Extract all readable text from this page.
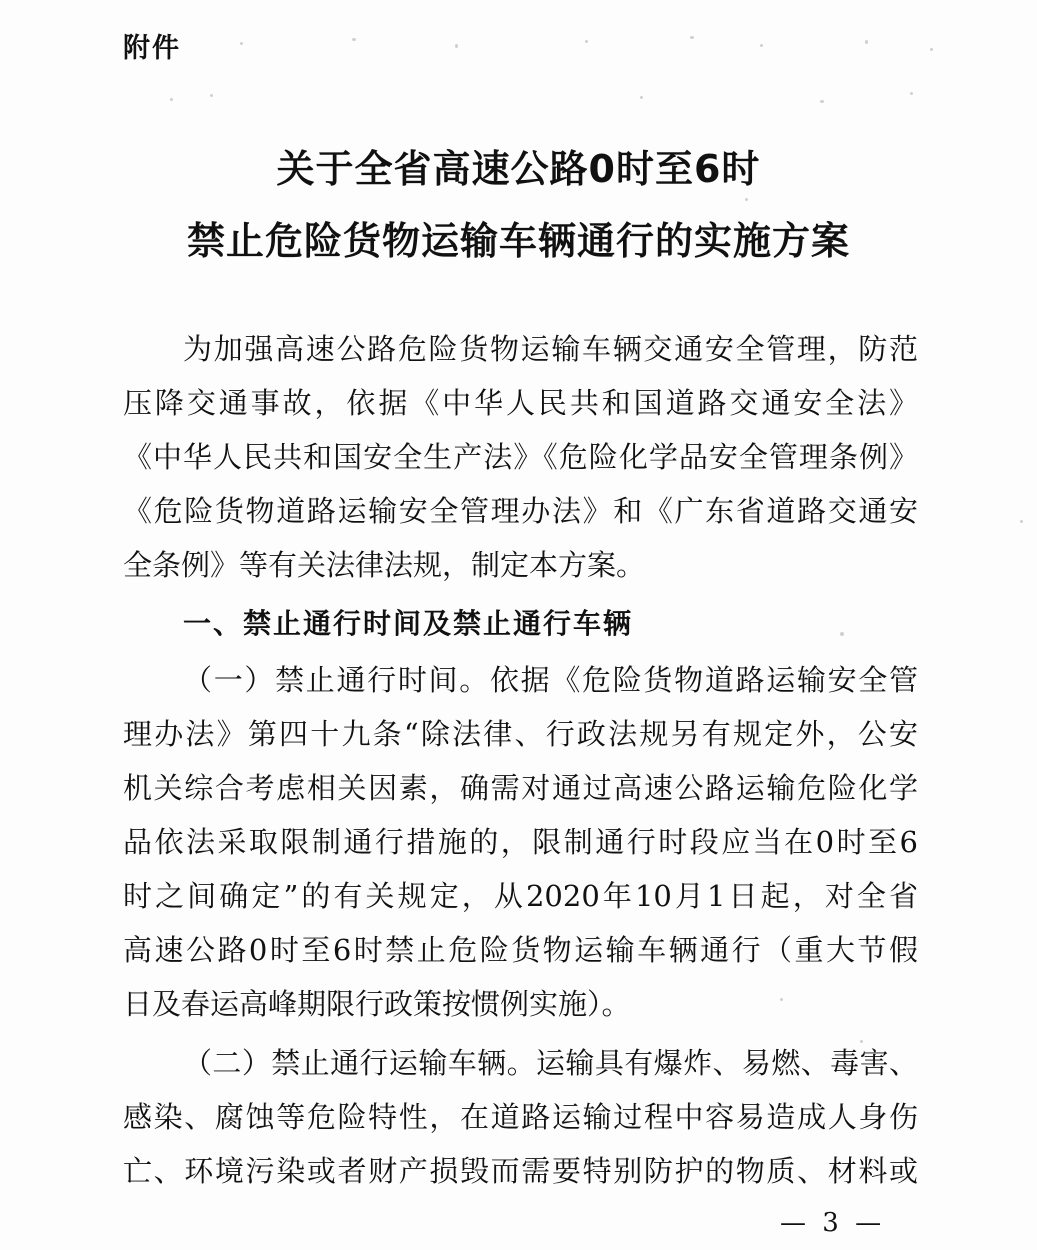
附件
关于全省高速公路0时至6时
禁止危险货物运输车辆通行的实施方案
为加强高速公路危险货物运输车辆交通安全管理，防范
压降交通事故，依据《中华人民共和国道路交通安全法》
《中华人民共和国安全生产法》《危险化学品安全管理条例》
《危险货物道路运输安全管理办法》和《广东省道路交通安
全条例》等有关法律法规，制定本方案。
一、禁止通行时间及禁止通行车辆
（一）禁止通行时间。依据《危险货物道路运输安全管
理办法》第四十九条“除法律、行政法规另有规定外，公安
机关综合考虑相关因素，确需对通过高速公路运输危险化学
品依法采取限制通行措施的，限制通行时段应当在0时至6
时之间确定”的有关规定，从2020年10月1日起，对全省
高速公路0时至6时禁止危险货物运输车辆通行（重大节假
日及春运高峰期限行政策按惯例实施）。
（二）禁止通行运输车辆。运输具有爆炸、易燃、毒害、
感染、腐蚀等危险特性，在道路运输过程中容易造成人身伤
亡、环境污染或者财产损毁而需要特别防护的物质、材料或
— 3 —
